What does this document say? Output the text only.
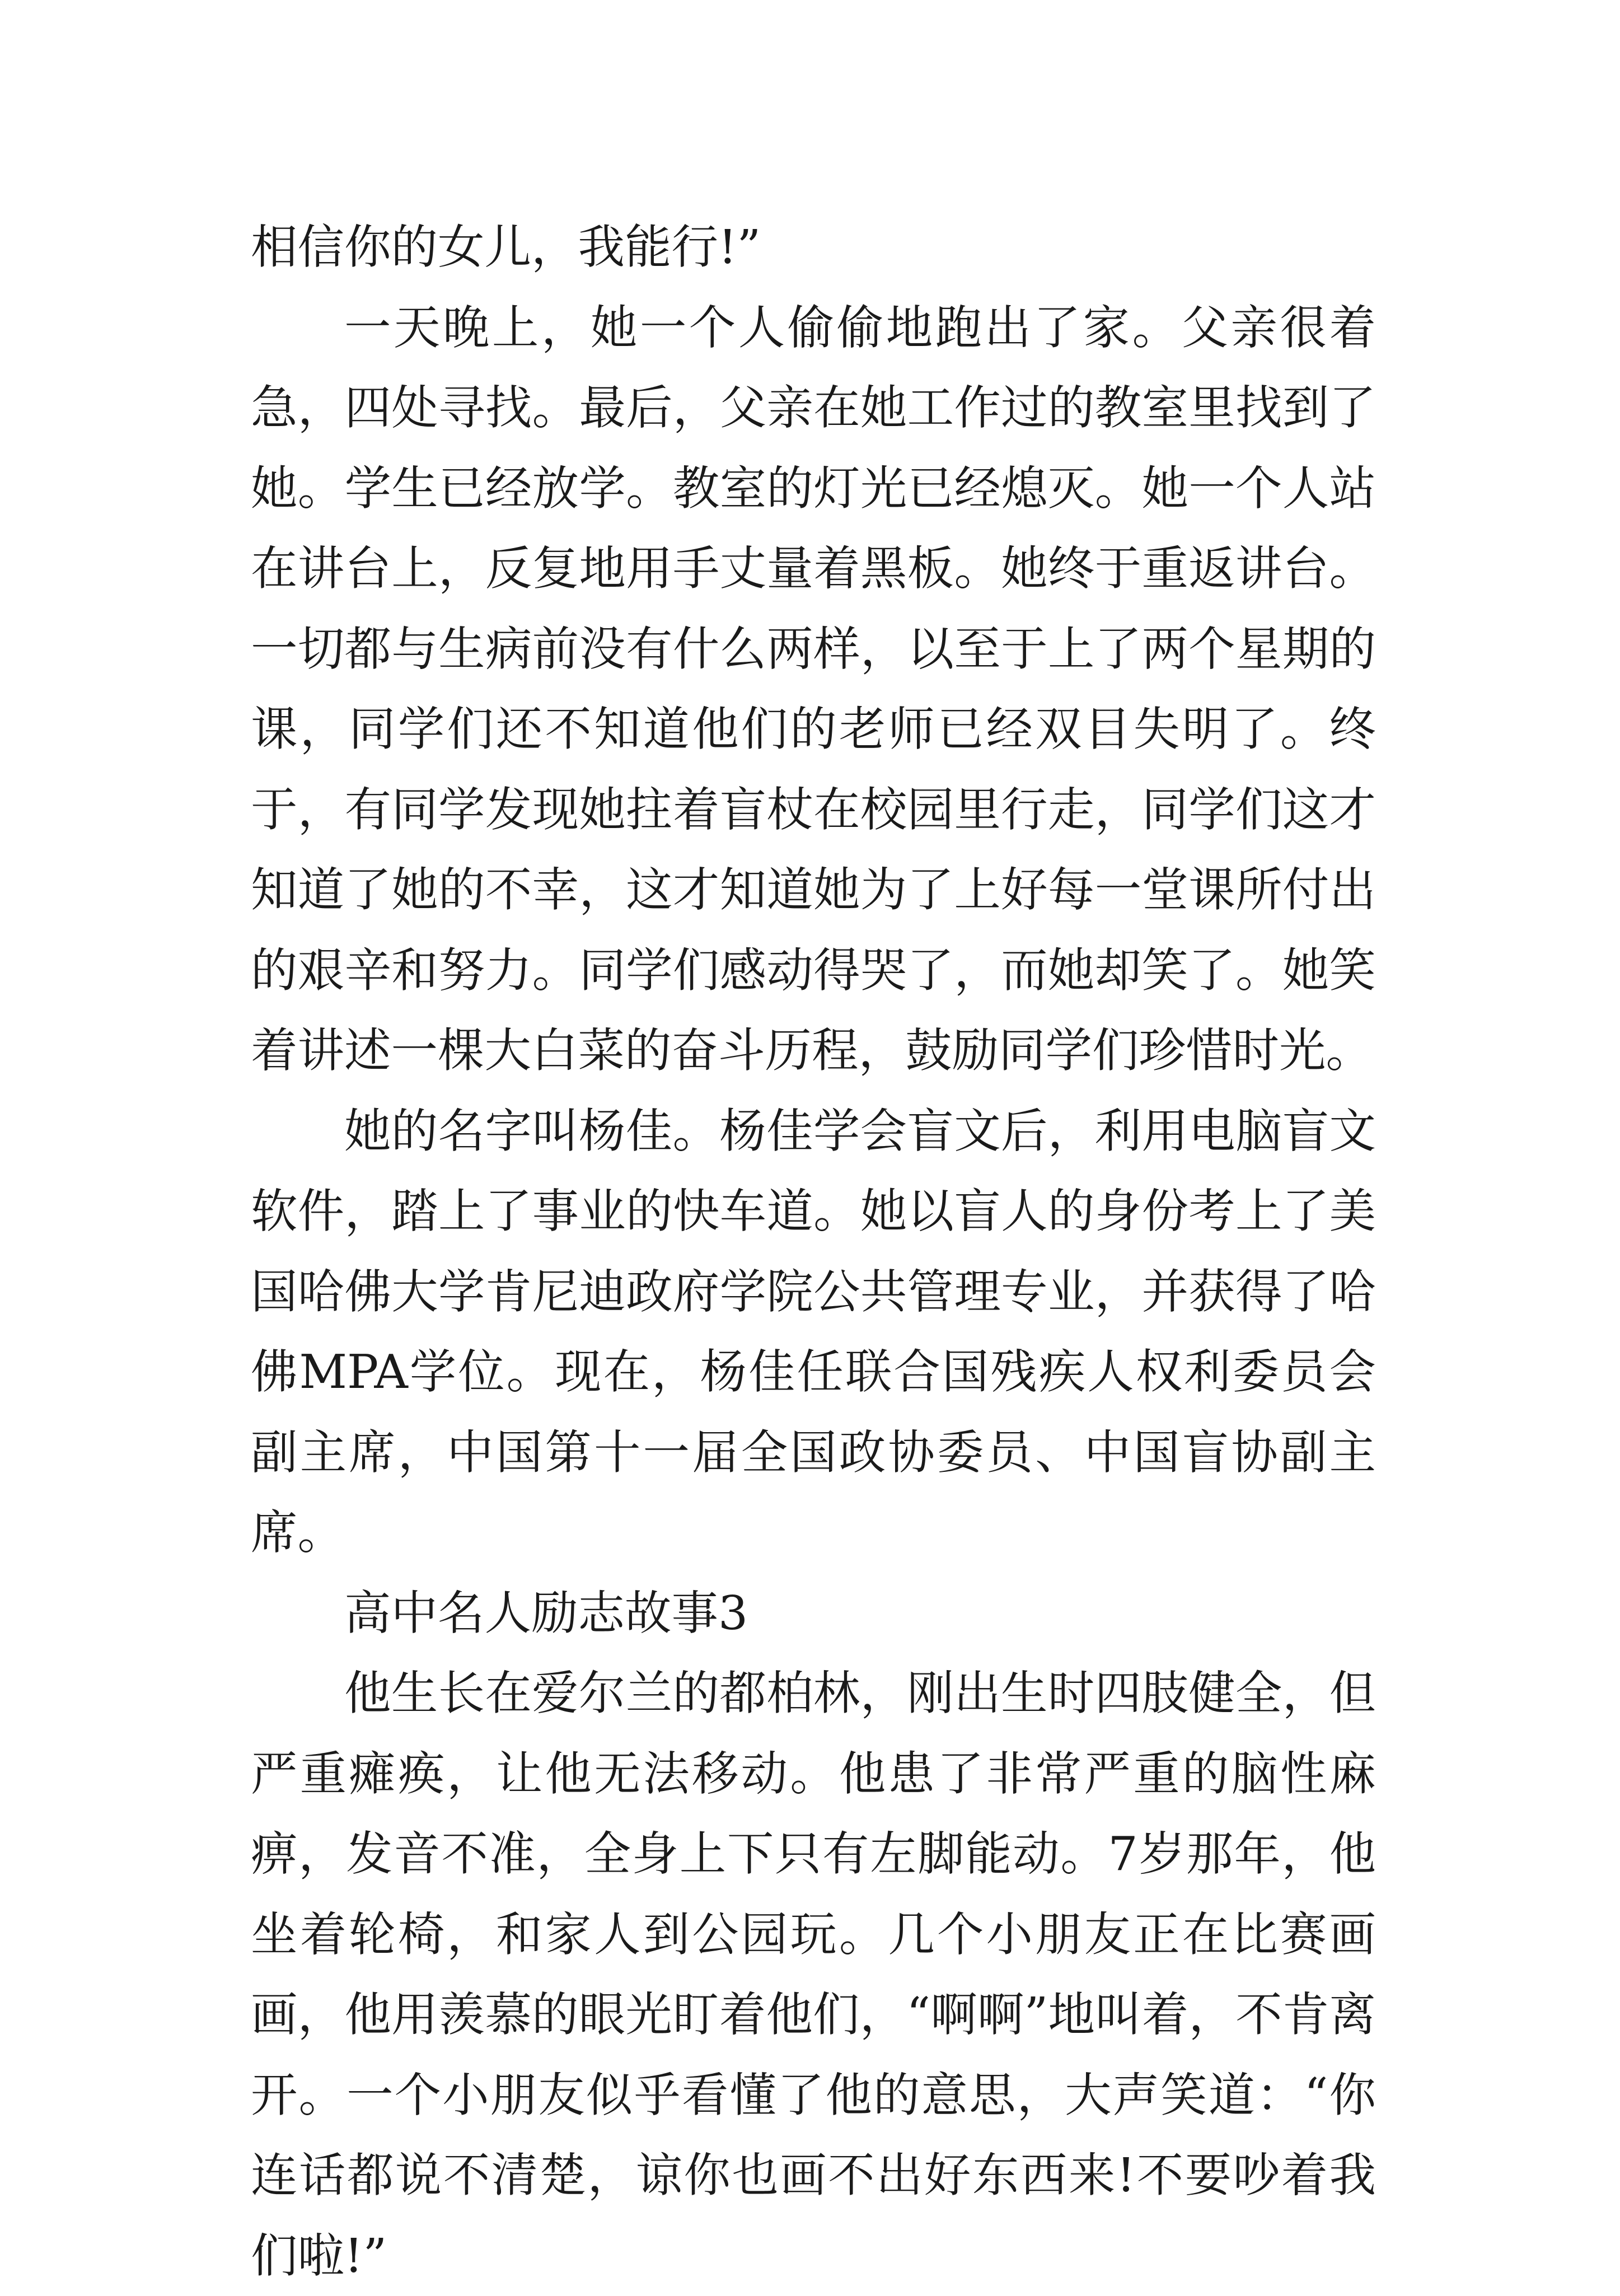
相信你的女儿，我能行!”

一天晚上，她一个人偷偷地跑出了家。父亲很着急，四处寻找。最后，父亲在她工作过的教室里找到了她。学生已经放学。教室的灯光已经熄灭。她一个人站在讲台上，反复地用手丈量着黑板。她终于重返讲台。一切都与生病前没有什么两样，以至于上了两个星期的课，同学们还不知道他们的老师已经双目失明了。终于，有同学发现她拄着盲杖在校园里行走，同学们这才知道了她的不幸，这才知道她为了上好每一堂课所付出的艰辛和努力。同学们感动得哭了，而她却笑了。她笑着讲述一棵大白菜的奋斗历程，鼓励同学们珍惜时光。

她的名字叫杨佳。杨佳学会盲文后，利用电脑盲文软件，踏上了事业的快车道。她以盲人的身份考上了美国哈佛大学肯尼迪政府学院公共管理专业，并获得了哈佛MPA学位。现在，杨佳任联合国残疾人权利委员会副主席，中国第十一届全国政协委员、中国盲协副主席。

高中名人励志故事3

他生长在爱尔兰的都柏林，刚出生时四肢健全，但严重瘫痪，让他无法移动。他患了非常严重的脑性麻痹，发音不准，全身上下只有左脚能动。7岁那年，他坐着轮椅，和家人到公园玩。几个小朋友正在比赛画画，他用羡慕的眼光盯着他们，“啊啊”地叫着，不肯离开。一个小朋友似乎看懂了他的意思，大声笑道：“你连话都说不清楚，谅你也画不出好东西来!不要吵着我们啦!”
